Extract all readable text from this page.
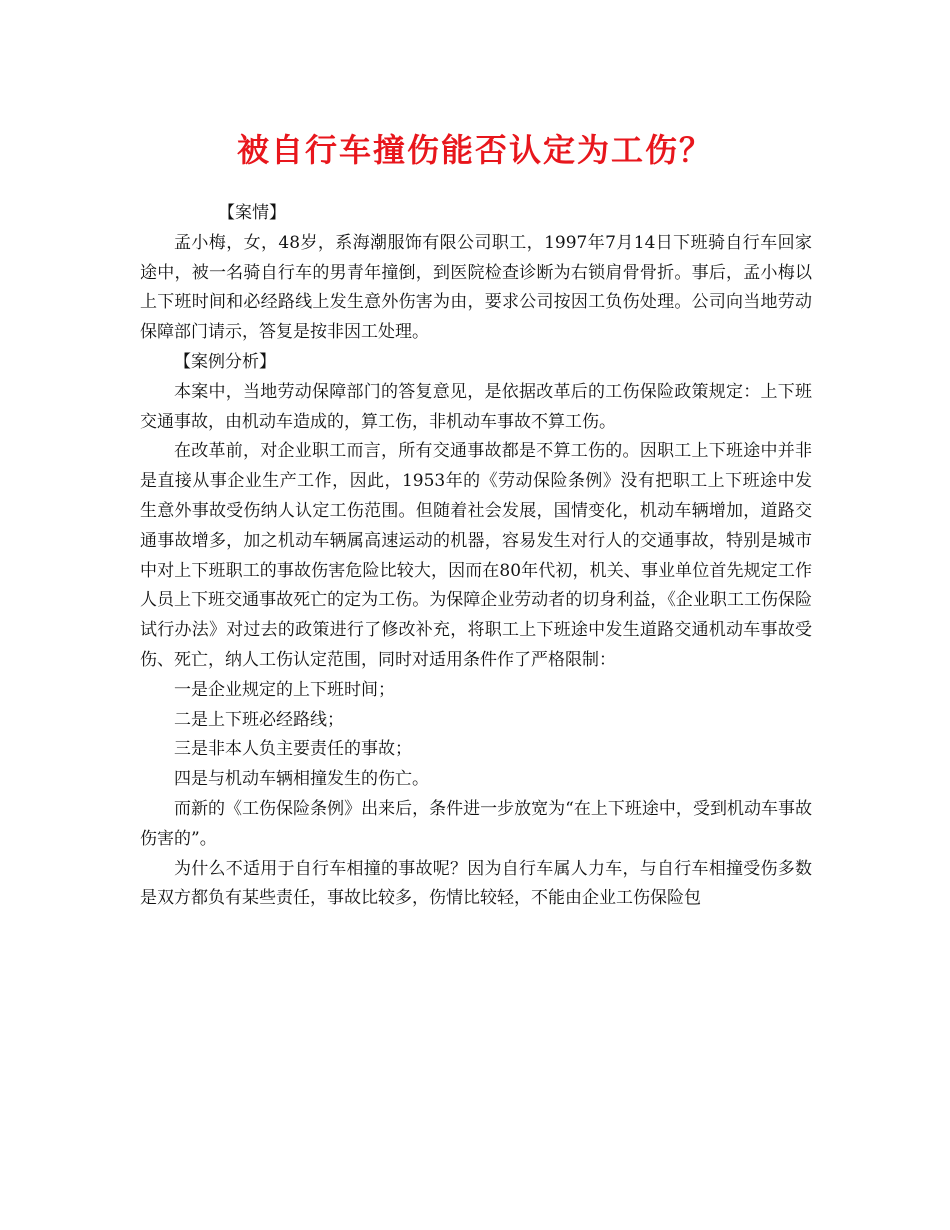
被自行车撞伤能否认定为工伤？

【案情】

孟小梅，女，48岁，系海潮服饰有限公司职工，1997年7月14日下班骑自行车回家途中，被一名骑自行车的男青年撞倒，到医院检查诊断为右锁肩骨骨折。事后，孟小梅以上下班时间和必经路线上发生意外伤害为由，要求公司按因工负伤处理。公司向当地劳动保障部门请示，答复是按非因工处理。

【案例分析】

本案中，当地劳动保障部门的答复意见，是依据改革后的工伤保险政策规定：上下班交通事故，由机动车造成的，算工伤，非机动车事故不算工伤。

在改革前，对企业职工而言，所有交通事故都是不算工伤的。因职工上下班途中并非是直接从事企业生产工作，因此，1953年的《劳动保险条例》没有把职工上下班途中发生意外事故受伤纳人认定工伤范围。但随着社会发展，国情变化，机动车辆增加，道路交通事故增多，加之机动车辆属高速运动的机器，容易发生对行人的交通事故，特别是城市中对上下班职工的事故伤害危险比较大，因而在80年代初，机关、事业单位首先规定工作人员上下班交通事故死亡的定为工伤。为保障企业劳动者的切身利益，《企业职工工伤保险试行办法》对过去的政策进行了修改补充，将职工上下班途中发生道路交通机动车事故受伤、死亡，纳人工伤认定范围，同时对适用条件作了严格限制：

一是企业规定的上下班时间；

二是上下班必经路线；

三是非本人负主要责任的事故；

四是与机动车辆相撞发生的伤亡。

而新的《工伤保险条例》出来后，条件进一步放宽为“在上下班途中，受到机动车事故伤害的”。

为什么不适用于自行车相撞的事故呢？因为自行车属人力车，与自行车相撞受伤多数是双方都负有某些责任，事故比较多，伤情比较轻，不能由企业工伤保险包
